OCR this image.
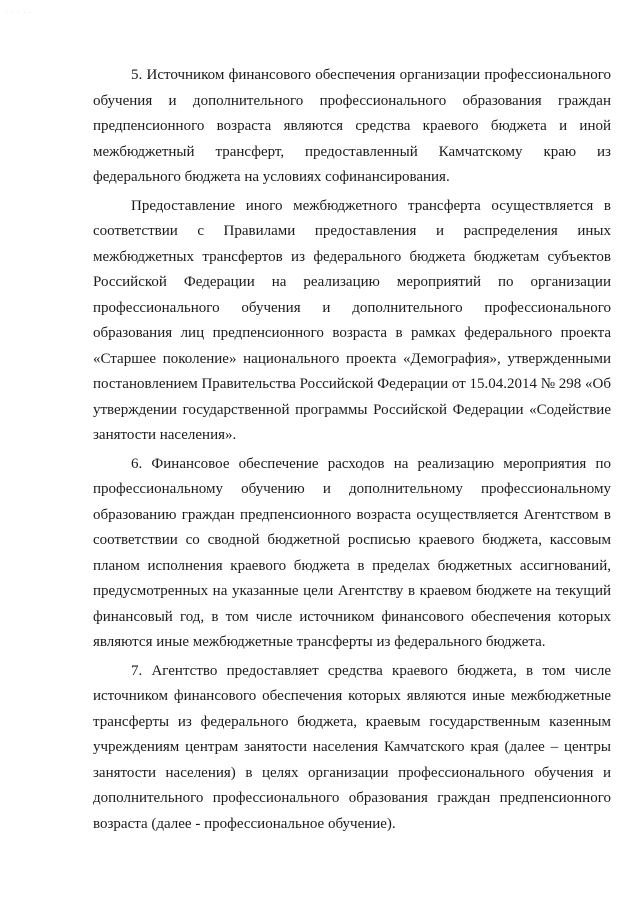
· · · · ·

5. Источником финансового обеспечения организации профессионального обучения и дополнительного профессионального образования граждан предпенсионного возраста являются средства краевого бюджета и иной межбюджетный трансферт, предоставленный Камчатскому краю из федерального бюджета на условиях софинансирования.

Предоставление иного межбюджетного трансферта осуществляется в соответствии с Правилами предоставления и распределения иных межбюджетных трансфертов из федерального бюджета бюджетам субъектов Российской Федерации на реализацию мероприятий по организации профессионального обучения и дополнительного профессионального образования лиц предпенсионного возраста в рамках федерального проекта «Старшее поколение» национального проекта «Демография», утвержденными постановлением Правительства Российской Федерации от 15.04.2014 № 298 «Об утверждении государственной программы Российской Федерации «Содействие занятости населения».

6. Финансовое обеспечение расходов на реализацию мероприятия по профессиональному обучению и дополнительному профессиональному образованию граждан предпенсионного возраста осуществляется Агентством в соответствии со сводной бюджетной росписью краевого бюджета, кассовым планом исполнения краевого бюджета в пределах бюджетных ассигнований, предусмотренных на указанные цели Агентству в краевом бюджете на текущий финансовый год, в том числе источником финансового обеспечения которых являются иные межбюджетные трансферты из федерального бюджета.

7. Агентство предоставляет средства краевого бюджета, в том числе источником финансового обеспечения которых являются иные межбюджетные трансферты из федерального бюджета, краевым государственным казенным учреждениям центрам занятости населения Камчатского края (далее – центры занятости населения) в целях организации профессионального обучения и дополнительного профессионального образования граждан предпенсионного возраста (далее - профессиональное обучение).
